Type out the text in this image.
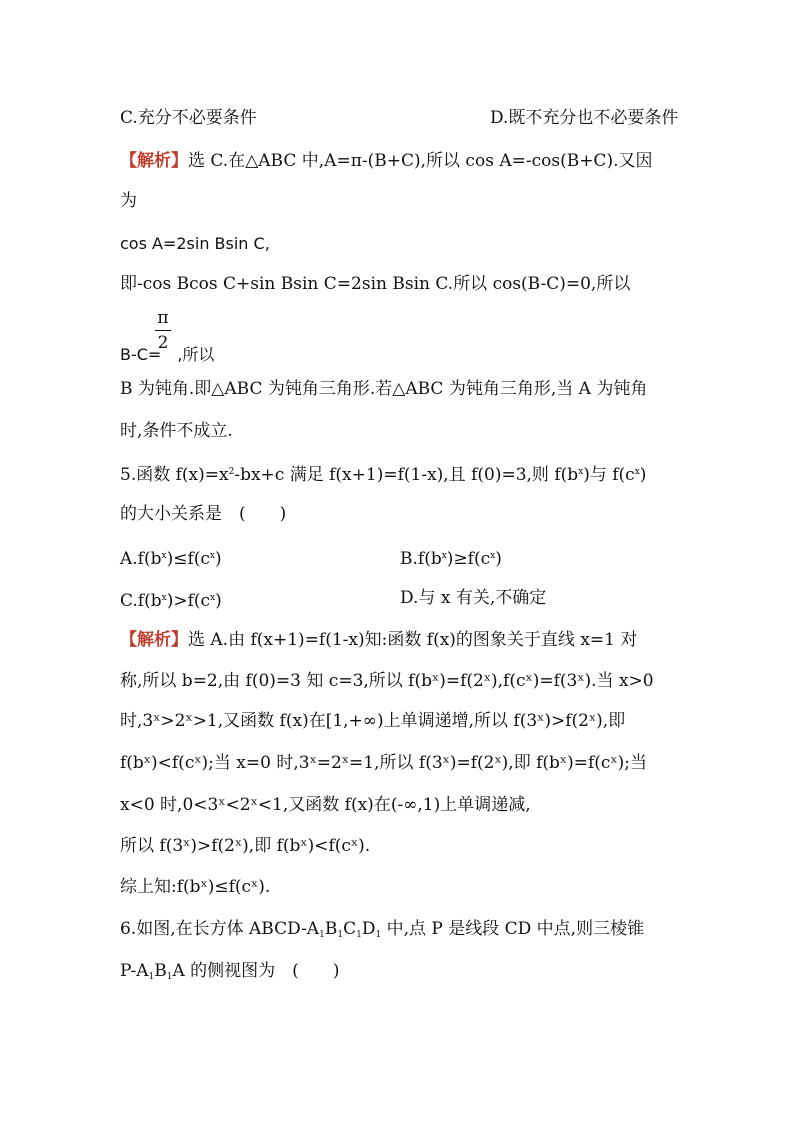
C.充分不必要条件	D.既不充分也不必要条件
【解析】选 C.在△ABC 中,A=π-(B+C),所以 cos A=-cos(B+C).又因
为
cos A=2sin Bsin C,
即-cos Bcos C+sin Bsin C=2sin Bsin C.所以 cos(B-C)=0,所以
π
2
B-C= ,所以
B 为钝角.即△ABC 为钝角三角形.若△ABC 为钝角三角形,当 A 为钝角
时,条件不成立.
5.函数 $f(x)=x^2-bx+c$ 满足 f(x+1)=f(1-x),且 f(0)=3,则 $f(b^x)$与 $f(c^x)$
的大小关系是　(　　)
$A.f(b^x)\le f(c^x)$	$B.f(b^x)\ge f(c^x)$
$C.f(b^x)>f(c^x)$	D.与 x 有关,不确定
【解析】选 A.由 f(x+1)=f(1-x)知:函数 f(x)的图象关于直线 x=1 对
称,所以 b=2,由 f(0)=3 知 c=3,所以 f(bˣ)=f(2ˣ),f(cˣ)=f(3ˣ).当 x>0
时,3ˣ>2ˣ>1,又函数 f(x)在[1,+∞)上单调递增,所以 f(3ˣ)>f(2ˣ),即
f(bˣ)<f(cˣ);当 x=0 时,3ˣ=2ˣ=1,所以 f(3ˣ)=f(2ˣ),即 f(bˣ)=f(cˣ);当
x<0 时,0<3ˣ<2ˣ<1,又函数 f(x)在(-∞,1)上单调递减,
所以 f(3ˣ)>f(2ˣ),即 f(bˣ)<f(cˣ).
综上知:f(bˣ)≤f(cˣ).
6.如图,在长方体 ABCD-$A_1B_1C_1D_1$ 中,点 P 是线段 CD 中点,则三棱锥
$P-A_1B_1A$ 的侧视图为　(　　)
